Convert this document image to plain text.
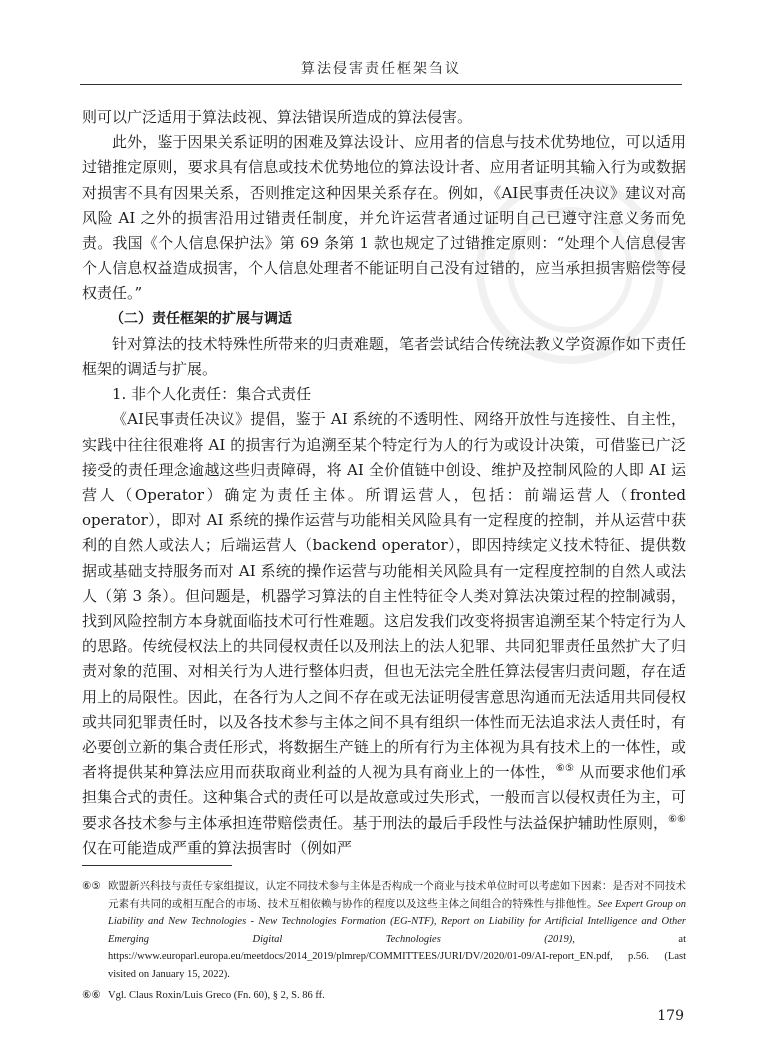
算法侵害责任框架刍议

则可以广泛适用于算法歧视、算法错误所造成的算法侵害。

此外，鉴于因果关系证明的困难及算法设计、应用者的信息与技术优势地位，可以适用过错推定原则，要求具有信息或技术优势地位的算法设计者、应用者证明其输入行为或数据对损害不具有因果关系，否则推定这种因果关系存在。例如，《AI民事责任决议》建议对高风险 AI 之外的损害沿用过错责任制度，并允许运营者通过证明自己已遵守注意义务而免责。我国《个人信息保护法》第 69 条第 1 款也规定了过错推定原则：“处理个人信息侵害个人信息权益造成损害，个人信息处理者不能证明自己没有过错的，应当承担损害赔偿等侵权责任。”

（二）责任框架的扩展与调适

针对算法的技术特殊性所带来的归责难题，笔者尝试结合传统法教义学资源作如下责任框架的调适与扩展。

1. 非个人化责任：集合式责任

《AI民事责任决议》提倡，鉴于 AI 系统的不透明性、网络开放性与连接性、自主性，实践中往往很难将 AI 的损害行为追溯至某个特定行为人的行为或设计决策，可借鉴已广泛接受的责任理念逾越这些归责障碍，将 AI 全价值链中创设、维护及控制风险的人即 AI 运营人（Operator）确定为责任主体。所谓运营人，包括：前端运营人（fronted operator），即对 AI 系统的操作运营与功能相关风险具有一定程度的控制，并从运营中获利的自然人或法人；后端运营人（backend operator），即因持续定义技术特征、提供数据或基础支持服务而对 AI 系统的操作运营与功能相关风险具有一定程度控制的自然人或法人（第 3 条）。但问题是，机器学习算法的自主性特征令人类对算法决策过程的控制减弱，找到风险控制方本身就面临技术可行性难题。这启发我们改变将损害追溯至某个特定行为人的思路。传统侵权法上的共同侵权责任以及刑法上的法人犯罪、共同犯罪责任虽然扩大了归责对象的范围、对相关行为人进行整体归责，但也无法完全胜任算法侵害归责问题，存在适用上的局限性。因此，在各行为人之间不存在或无法证明侵害意思沟通而无法适用共同侵权或共同犯罪责任时，以及各技术参与主体之间不具有组织一体性而无法追求法人责任时，有必要创立新的集合责任形式，将数据生产链上的所有行为主体视为具有技术上的一体性，或者将提供某种算法应用而获取商业利益的人视为具有商业上的一体性，⑥⑤ 从而要求他们承担集合式的责任。这种集合式的责任可以是故意或过失形式，一般而言以侵权责任为主，可要求各技术参与主体承担连带赔偿责任。基于刑法的最后手段性与法益保护辅助性原则，⑥⑥ 仅在可能造成严重的算法损害时（例如严

⑥⑤ 欧盟新兴科技与责任专家组提议，认定不同技术参与主体是否构成一个商业与技术单位时可以考虑如下因素：是否对不同技术元素有共同的或相互配合的市场、技术互相依赖与协作的程度以及这些主体之间组合的特殊性与排他性。See Expert Group on Liability and New Technologies - New Technologies Formation (EG-NTF), Report on Liability for Artificial Intelligence and Other Emerging Digital Technologies (2019), at https://www.europarl.europa.eu/meetdocs/2014_2019/plmrep/COMMITTEES/JURI/DV/2020/01-09/AI-report_EN.pdf, p.56. (Last visited on January 15, 2022).

⑥⑥ Vgl. Claus Roxin/Luis Greco (Fn. 60), § 2, S. 86 ff.

179
